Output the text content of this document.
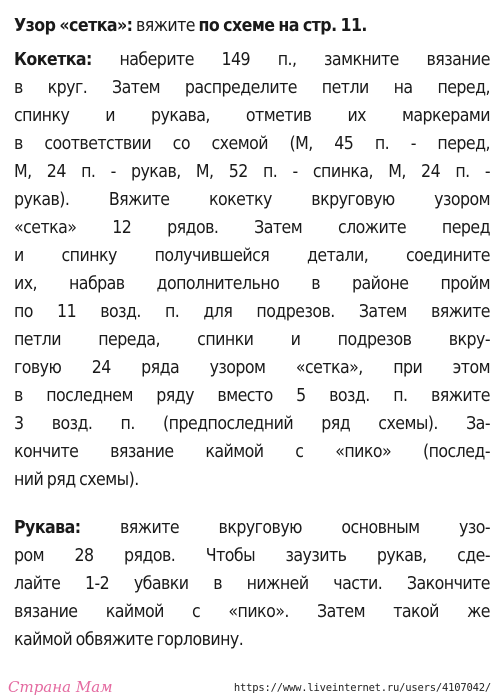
Узор «сетка»: вяжите по схеме на стр. 11.

Кокетка: наберите 149 п., замкните вязание
в круг. Затем распределите петли на перед,
спинку и рукава, отметив их маркерами
в соответствии со схемой (М, 45 п. - перед,
М, 24 п. - рукав, М, 52 п. - спинка, М, 24 п. -
рукав). Вяжите кокетку вкруговую узором
«сетка» 12 рядов. Затем сложите перед
и спинку получившейся детали, соедините
их, набрав дополнительно в районе пройм
по 11 возд. п. для подрезов. Затем вяжите
петли переда, спинки и подрезов вкру-
говую 24 ряда узором «сетка», при этом
в последнем ряду вместо 5 возд. п. вяжите
3 возд. п. (предпоследний ряд схемы). За-
кончите вязание каймой с «пико» (послед-
ний ряд схемы).

Рукава: вяжите вкруговую основным узо-
ром 28 рядов. Чтобы заузить рукав, сде-
лайте 1-2 убавки в нижней части. Закончите
вязание каймой с «пико». Затем такой же
каймой обвяжите горловину.

Страна Мам	https://www.liveinternet.ru/users/4107042/
